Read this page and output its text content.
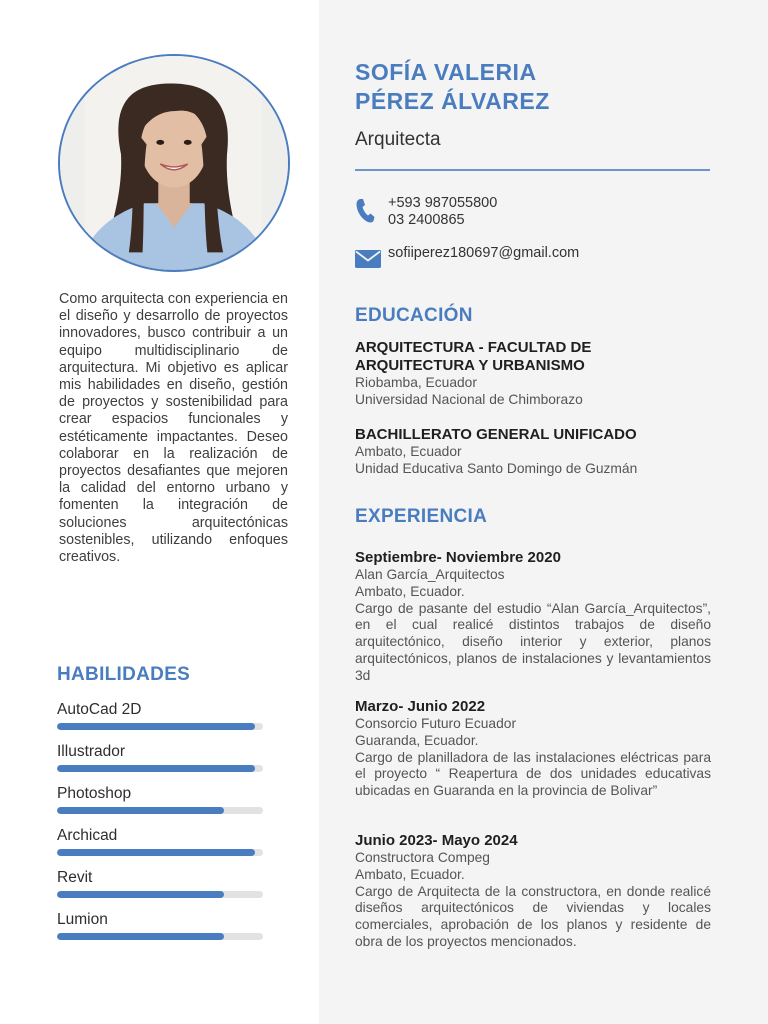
Como arquitecta con experiencia en el diseño y desarrollo de proyectos innovadores, busco contribuir a un equipo multidisciplinario de arquitectura. Mi objetivo es aplicar mis habilidades en diseño, gestión de proyectos y sostenibilidad para crear espacios funcionales y estéticamente impactantes. Deseo colaborar en la realización de proyectos desafiantes que mejoren la calidad del entorno urbano y fomenten la integración de soluciones arquitectónicas sostenibles, utilizando enfoques creativos.
HABILIDADES
AutoCad 2D
Illustrador
Photoshop
Archicad
Revit
Lumion
SOFÍA VALERIA
PÉREZ ÁLVAREZ
Arquitecta
+593 987055800
03 2400865
sofiiperez180697@gmail.com
EDUCACIÓN
ARQUITECTURA - FACULTAD DE
ARQUITECTURA Y URBANISMO
Riobamba, Ecuador
Universidad Nacional de Chimborazo
BACHILLERATO GENERAL UNIFICADO
Ambato, Ecuador
Unidad Educativa Santo Domingo de Guzmán
EXPERIENCIA
Septiembre- Noviembre 2020
Alan García_Arquitectos
Ambato, Ecuador.
Cargo de pasante del estudio “Alan García_Arquitectos”, en el cual realicé distintos trabajos de diseño arquitectónico, diseño interior y exterior, planos arquitectónicos, planos de instalaciones y levantamientos 3d
Marzo- Junio 2022
Consorcio Futuro Ecuador
Guaranda, Ecuador.
Cargo de planilladora de las instalaciones eléctricas para el proyecto “ Reapertura de dos unidades educativas ubicadas en Guaranda en la provincia de Bolivar”
Junio 2023- Mayo 2024
Constructora Compeg
Ambato, Ecuador.
Cargo de Arquitecta de la constructora, en donde realicé diseños arquitectónicos de viviendas y locales comerciales, aprobación de los planos y residente de obra de los proyectos mencionados.
